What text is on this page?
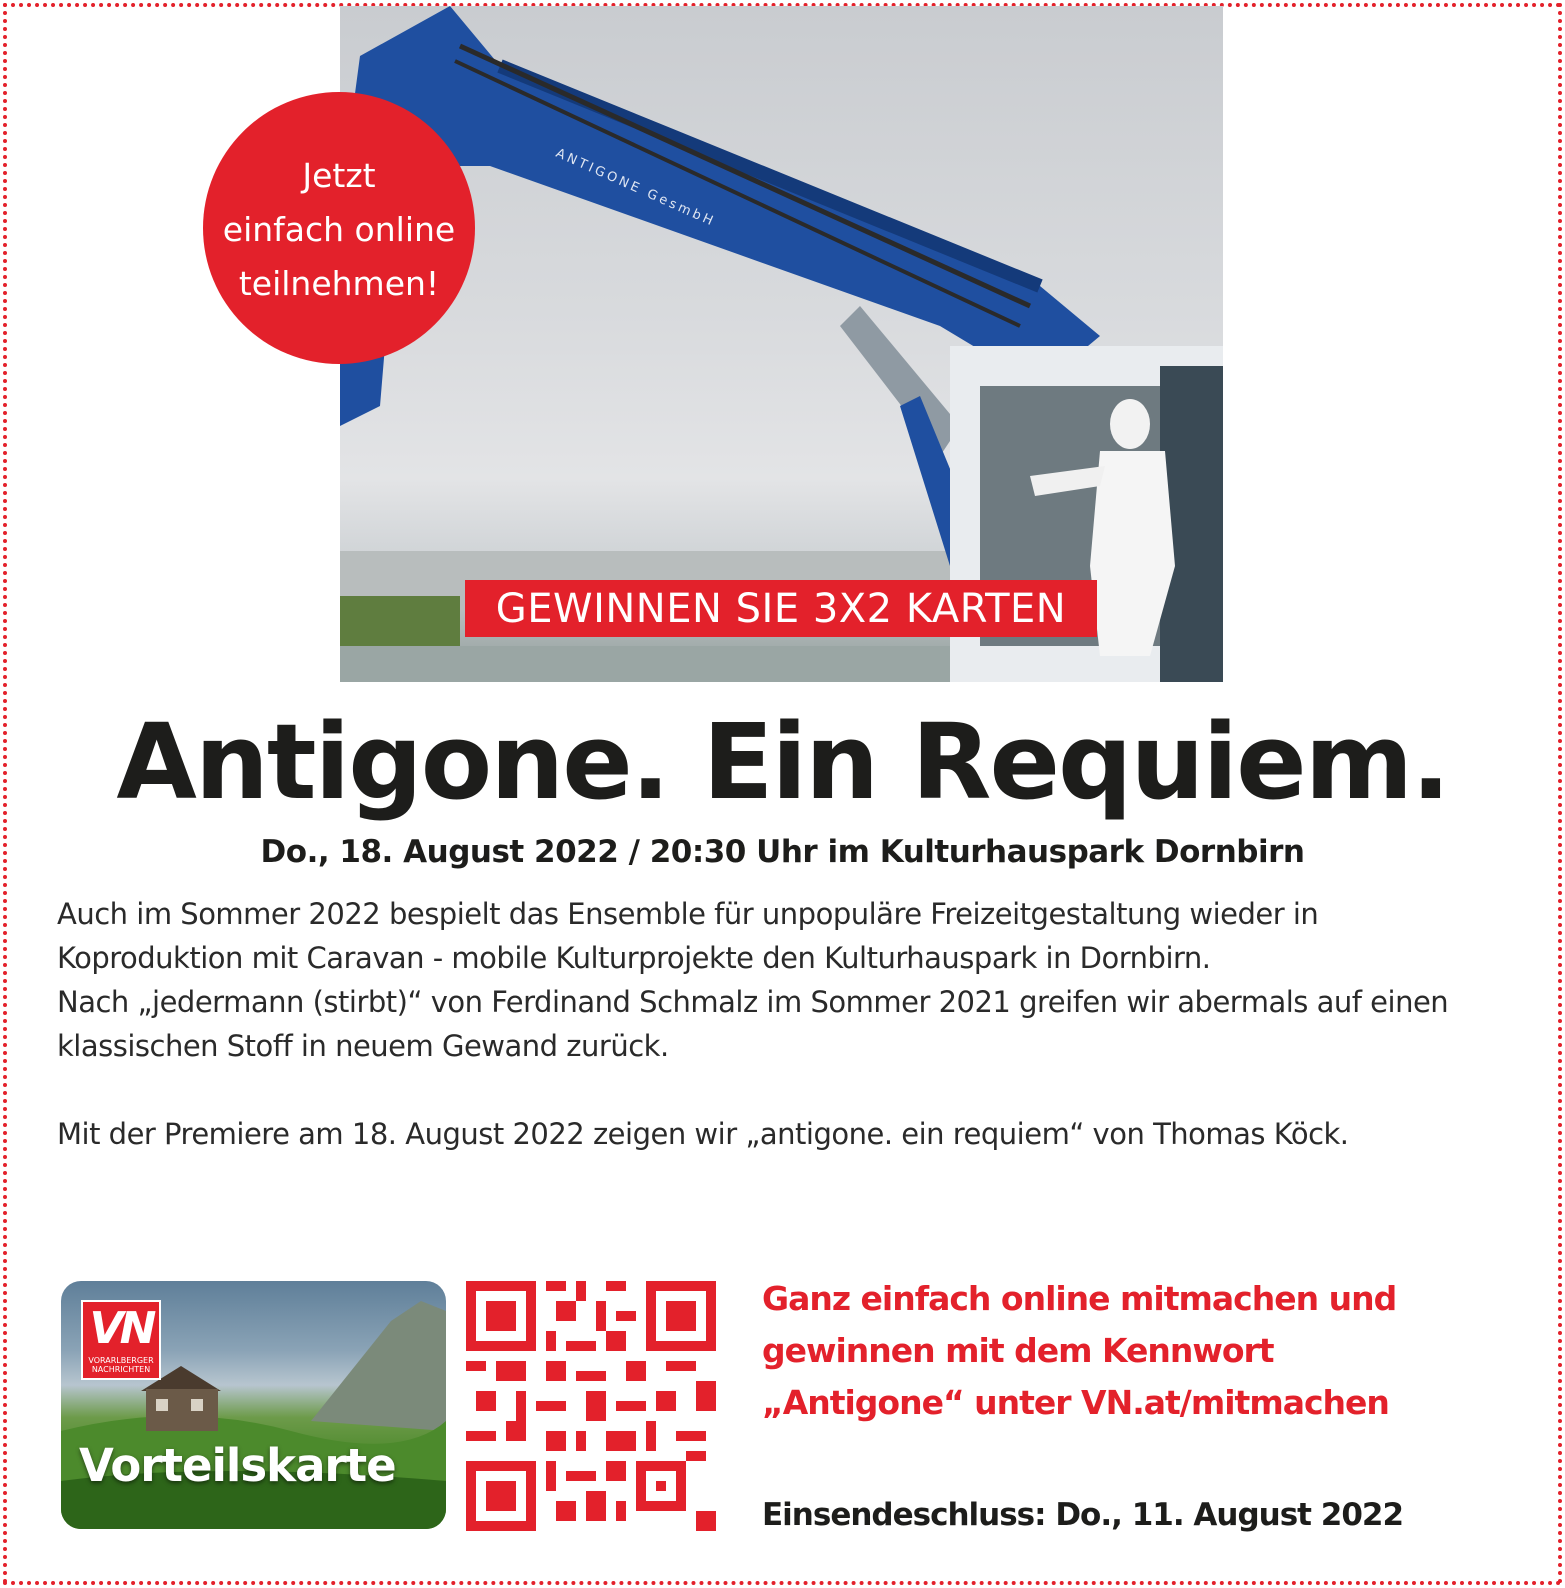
ANTIGONE GesmbH
GEWINNEN SIE 3X2 KARTEN
Jetzt
einfach online
teilnehmen!
Antigone. Ein Requiem.
Do., 18. August 2022 / 20:30 Uhr im Kulturhauspark Dornbirn

Auch im Sommer 2022 bespielt das Ensemble für unpopuläre Freizeitgestaltung wieder in

Koproduktion mit Caravan - mobile Kulturprojekte den Kulturhauspark in Dornbirn.

Nach „jedermann (stirbt)“ von Ferdinand Schmalz im Sommer 2021 greifen wir abermals auf einen

klassischen Stoff in neuem Gewand zurück.

Mit der Premiere am 18. August 2022 zeigen wir „antigone. ein requiem“ von Thomas Köck.

VN
VORARLBERGER
NACHRICHTEN
Vorteilskarte
Ganz einfach online mitmachen und
gewinnen mit dem Kennwort
„Antigone“ unter VN.at/mitmachen
Einsendeschluss: Do., 11. August 2022
